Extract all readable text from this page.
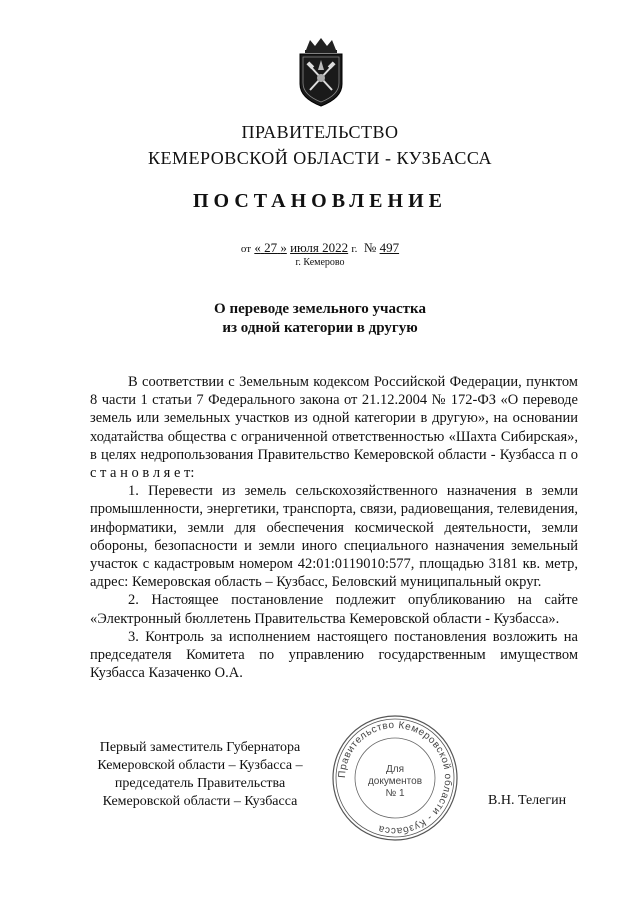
ПРАВИТЕЛЬСТВО
КЕМЕРОВСКОЙ ОБЛАСТИ - КУЗБАССА
ПОСТАНОВЛЕНИЕ
от « 27 » июля 2022 г. № 497
г. Кемерово
О переводе земельного участка
из одной категории в другую

В соответствии с Земельным кодексом Российской Федерации, пунктом 8 части 1 статьи 7 Федерального закона от 21.12.2004 № 172-ФЗ «О переводе земель или земельных участков из одной категории в другую», на основании ходатайства общества с ограниченной ответственностью «Шахта Сибирская», в целях недропользования Правительство Кемеровской области - Кузбасса п о с т а н о в л я е т:

1. Перевести из земель сельскохозяйственного назначения в земли промышленности, энергетики, транспорта, связи, радиовещания, телевидения, информатики, земли для обеспечения космической деятельности, земли обороны, безопасности и земли иного специального назначения земельный участок с кадастровым номером 42:01:0119010:577, площадью 3181 кв. метр, адрес: Кемеровская область – Кузбасс, Беловский муниципальный округ.

2. Настоящее постановление подлежит опубликованию на сайте «Электронный бюллетень Правительства Кемеровской области - Кузбасса».

3. Контроль за исполнением настоящего постановления возложить на председателя Комитета по управлению государственным имуществом Кузбасса Казаченко О.А.

Первый заместитель Губернатора
Кемеровской области – Кузбасса –
председатель Правительства
Кемеровской области – Кузбасса
Правительство Кемеровской области - Кузбасса
Для
документов
№ 1	В.Н. Телегин
